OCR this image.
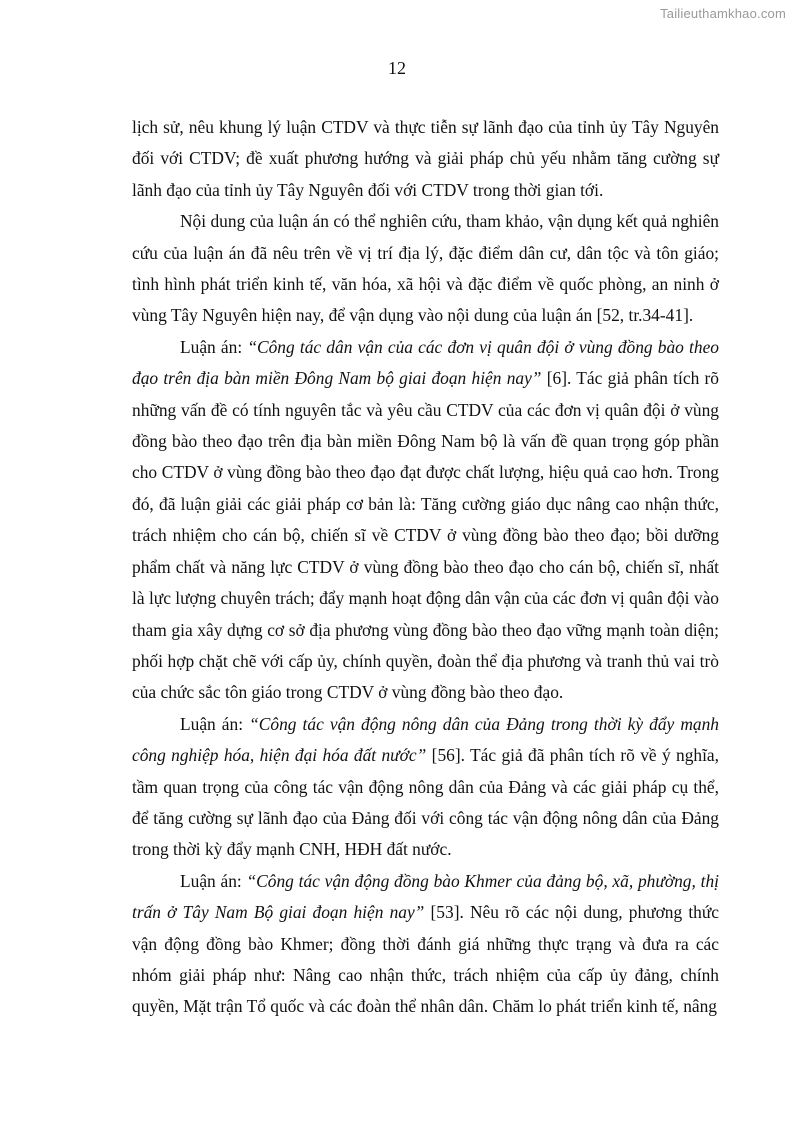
Tailieuthamkhao.com
12

lịch sử, nêu khung lý luận CTDV và thực tiễn sự lãnh đạo của tỉnh ủy Tây Nguyên đối với CTDV; đề xuất phương hướng và giải pháp chủ yếu nhằm tăng cường sự lãnh đạo của tỉnh ủy Tây Nguyên đối với CTDV trong thời gian tới.

Nội dung của luận án có thể nghiên cứu, tham khảo, vận dụng kết quả nghiên cứu của luận án đã nêu trên về vị trí địa lý, đặc điểm dân cư, dân tộc và tôn giáo; tình hình phát triển kinh tế, văn hóa, xã hội và đặc điểm về quốc phòng, an ninh ở vùng Tây Nguyên hiện nay, để vận dụng vào nội dung của luận án [52, tr.34-41].

Luận án: “Công tác dân vận của các đơn vị quân đội ở vùng đồng bào theo đạo trên địa bàn miền Đông Nam bộ giai đoạn hiện nay” [6]. Tác giả phân tích rõ những vấn đề có tính nguyên tắc và yêu cầu CTDV của các đơn vị quân đội ở vùng đồng bào theo đạo trên địa bàn miền Đông Nam bộ là vấn đề quan trọng góp phần cho CTDV ở vùng đồng bào theo đạo đạt được chất lượng, hiệu quả cao hơn. Trong đó, đã luận giải các giải pháp cơ bản là: Tăng cường giáo dục nâng cao nhận thức, trách nhiệm cho cán bộ, chiến sĩ về CTDV ở vùng đồng bào theo đạo; bồi dưỡng phẩm chất và năng lực CTDV ở vùng đồng bào theo đạo cho cán bộ, chiến sĩ, nhất là lực lượng chuyên trách; đẩy mạnh hoạt động dân vận của các đơn vị quân đội vào tham gia xây dựng cơ sở địa phương vùng đồng bào theo đạo vững mạnh toàn diện; phối hợp chặt chẽ với cấp ủy, chính quyền, đoàn thể địa phương và tranh thủ vai trò của chức sắc tôn giáo trong CTDV ở vùng đồng bào theo đạo.

Luận án: “Công tác vận động nông dân của Đảng trong thời kỳ đẩy mạnh công nghiệp hóa, hiện đại hóa đất nước” [56]. Tác giả đã phân tích rõ về ý nghĩa, tầm quan trọng của công tác vận động nông dân của Đảng và các giải pháp cụ thể, để tăng cường sự lãnh đạo của Đảng đối với công tác vận động nông dân của Đảng trong thời kỳ đẩy mạnh CNH, HĐH đất nước.

Luận án: “Công tác vận động đồng bào Khmer của đảng bộ, xã, phường, thị trấn ở Tây Nam Bộ giai đoạn hiện nay” [53]. Nêu rõ các nội dung, phương thức vận động đồng bào Khmer; đồng thời đánh giá những thực trạng và đưa ra các nhóm giải pháp như: Nâng cao nhận thức, trách nhiệm của cấp ủy đảng, chính quyền, Mặt trận Tổ quốc và các đoàn thể nhân dân. Chăm lo phát triển kinh tế, nâng
